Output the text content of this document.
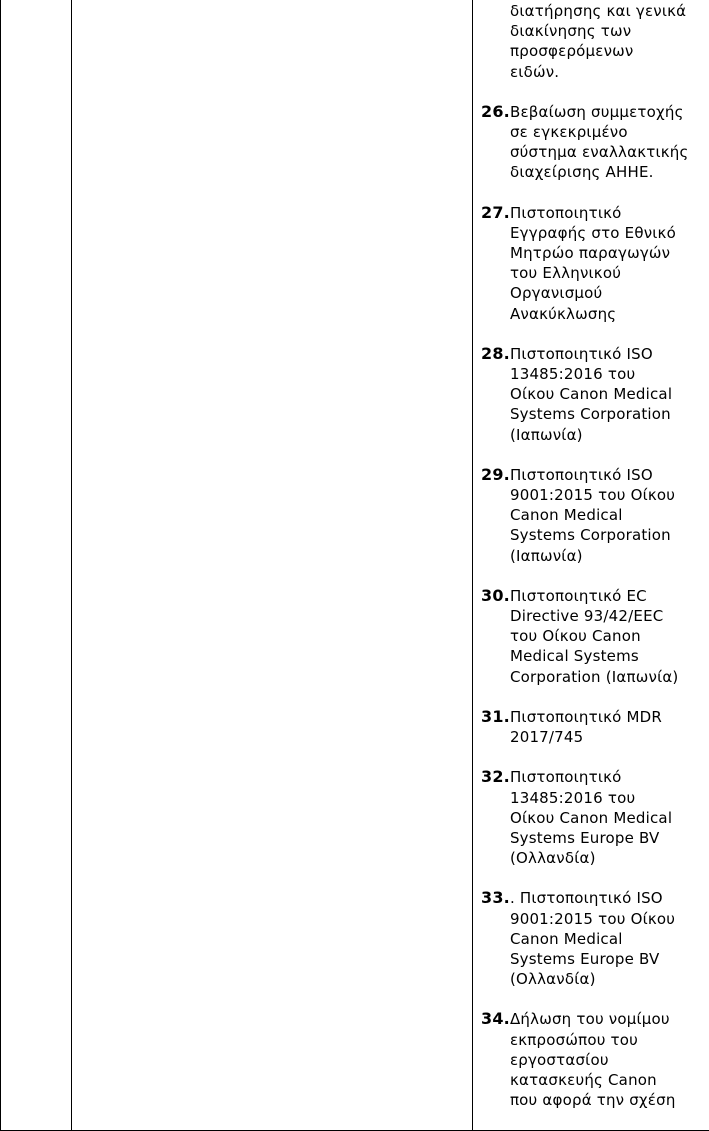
διατήρησης και γενικά
διακίνησης των
προσφερόμενων
ειδών.
26. Βεβαίωση συμμετοχής
σε εγκεκριμένο
σύστημα εναλλακτικής
διαχείρισης ΑΗΗΕ.
27. Πιστοποιητικό
Εγγραφής στο Εθνικό
Μητρώο παραγωγών
του Ελληνικού
Οργανισμού
Ανακύκλωσης
28. Πιστοποιητικό ISO
13485:2016 του
Οίκου Canon Medical
Systems Corporation
(Ιαπωνία)
29. Πιστοποιητικό ISO
9001:2015 του Οίκου
Canon Medical
Systems Corporation
(Ιαπωνία)
30. Πιστοποιητικό EC
Directive 93/42/EEC
του Οίκου Canon
Medical Systems
Corporation (Ιαπωνία)
31. Πιστοποιητικό MDR
2017/745
32. Πιστοποιητικό
13485:2016 του
Οίκου Canon Medical
Systems Europe BV
(Ολλανδία)
33. . Πιστοποιητικό ISO
9001:2015 του Οίκου
Canon Medical
Systems Europe BV
(Ολλανδία)
34. Δήλωση του νομίμου
εκπροσώπου του
εργοστασίου
κατασκευής Canon
που αφορά την σχέση
